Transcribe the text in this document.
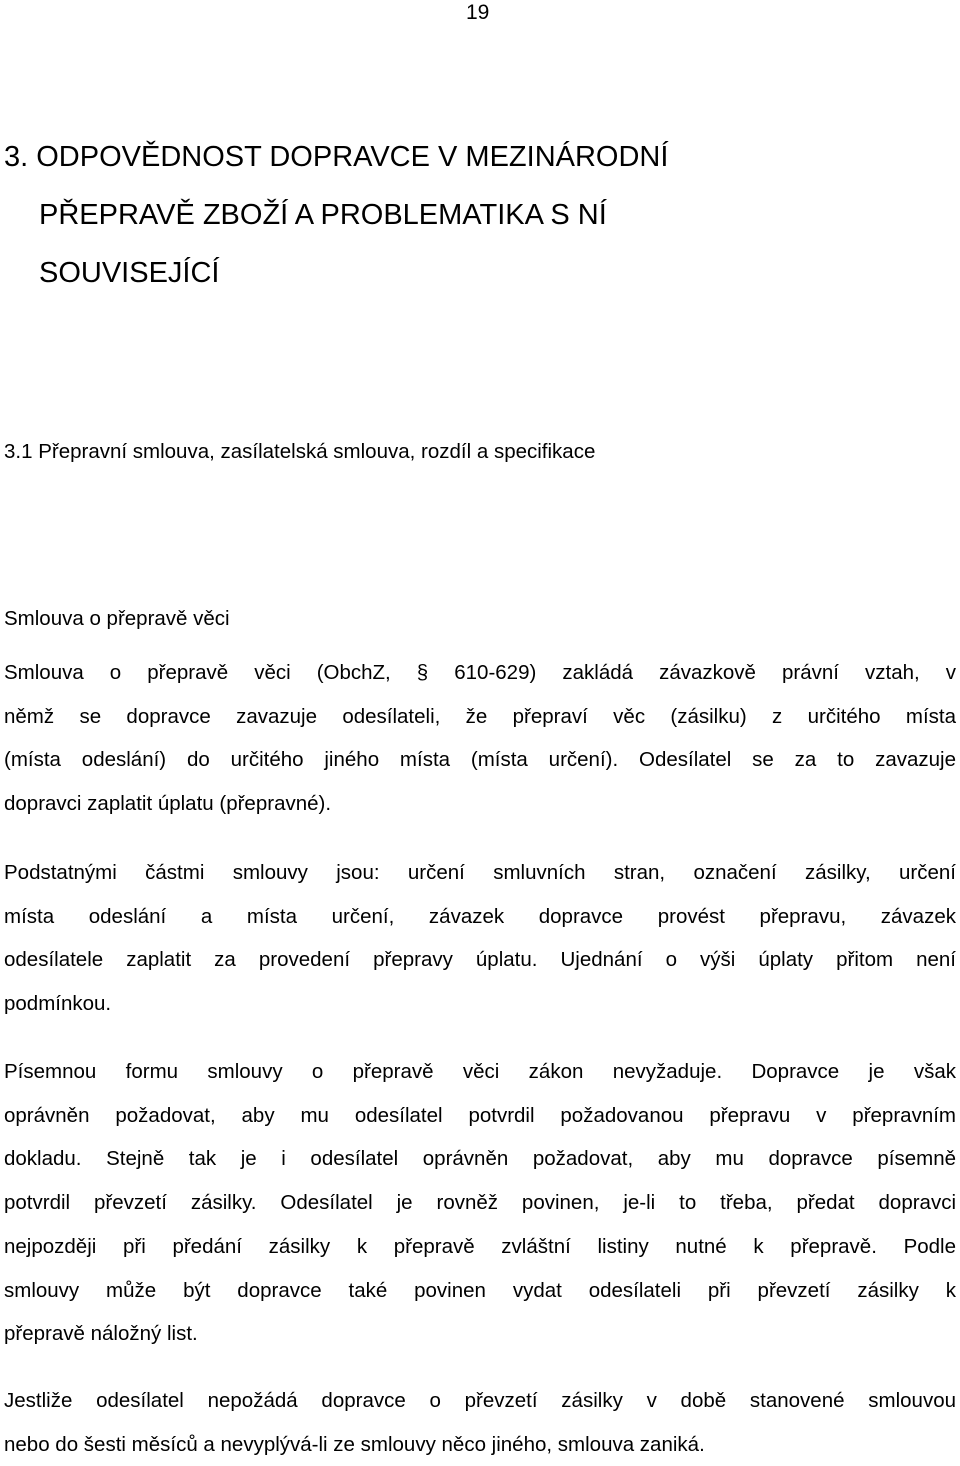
19
3. ODPOVĚDNOST DOPRAVCE V MEZINÁRODNÍ
PŘEPRAVĚ ZBOŽÍ A PROBLEMATIKA S NÍ
SOUVISEJÍCÍ
3.1 Přepravní smlouva, zasílatelská smlouva, rozdíl a specifikace
Smlouva o přepravě věci

Smlouva o přepravě věci (ObchZ, § 610-629) zakládá závazkově právní vztah, v
němž se dopravce zavazuje odesílateli, že přepraví věc (zásilku) z určitého místa
(místa odeslání) do určitého jiného místa (místa určení). Odesílatel se za to zavazuje
dopravci zaplatit úplatu (přepravné).

Podstatnými částmi smlouvy jsou: určení smluvních stran, označení zásilky, určení
místa odeslání a místa určení, závazek dopravce provést přepravu, závazek
odesílatele zaplatit za provedení přepravy úplatu. Ujednání o výši úplaty přitom není
podmínkou.

Písemnou formu smlouvy o přepravě věci zákon nevyžaduje. Dopravce je však
oprávněn požadovat, aby mu odesílatel potvrdil požadovanou přepravu v přepravním
dokladu. Stejně tak je i odesílatel oprávněn požadovat, aby mu dopravce písemně
potvrdil převzetí zásilky. Odesílatel je rovněž povinen, je-li to třeba, předat dopravci
nejpozději při předání zásilky k přepravě zvláštní listiny nutné k přepravě. Podle
smlouvy může být dopravce také povinen vydat odesílateli při převzetí zásilky k
přepravě náložný list.

Jestliže odesílatel nepožádá dopravce o převzetí zásilky v době stanovené smlouvou
nebo do šesti měsíců a nevyplývá-li ze smlouvy něco jiného, smlouva zaniká.
